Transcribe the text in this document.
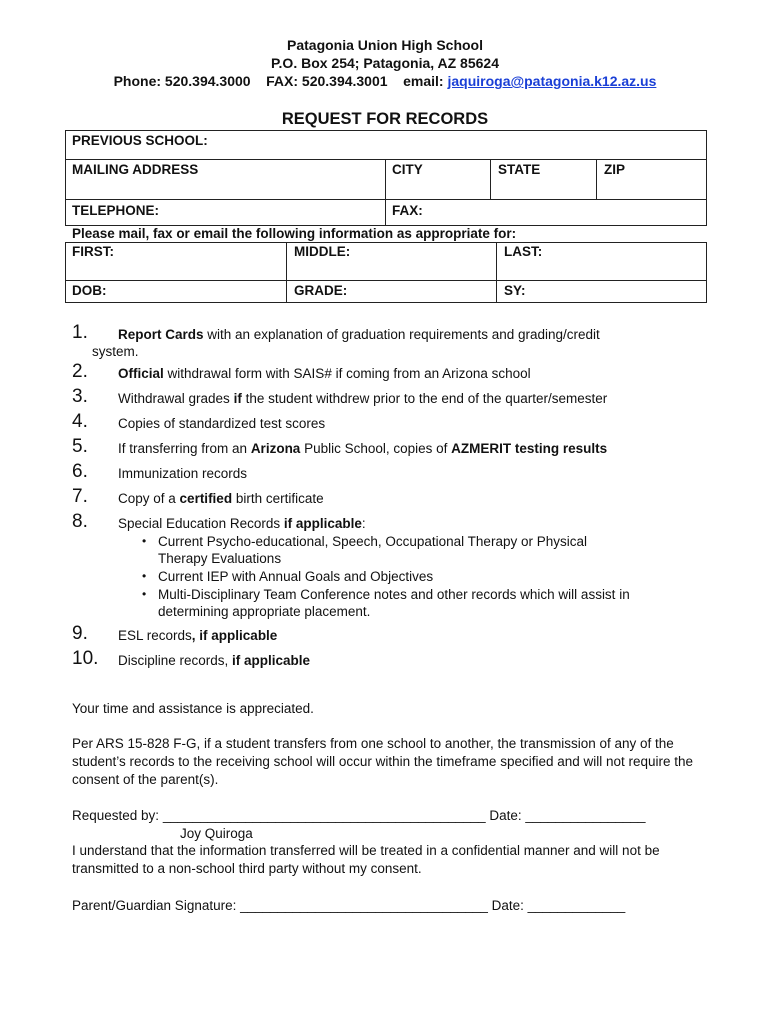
Patagonia Union High School
P.O. Box 254; Patagonia, AZ 85624
Phone: 520.394.3000 FAX: 520.394.3001 email: jaquiroga@patagonia.k12.az.us
REQUEST FOR RECORDS
PREVIOUS SCHOOL:
MAILING ADDRESS	CITY	STATE	ZIP
TELEPHONE:	FAX:
Please mail, fax or email the following information as appropriate for:
FIRST:	MIDDLE:	LAST:
DOB:	GRADE:	SY:
1.	Report Cards with an explanation of graduation requirements and grading/credit
system.
2.	Official withdrawal form with SAIS# if coming from an Arizona school
3.	Withdrawal grades if the student withdrew prior to the end of the quarter/semester
4.	Copies of standardized test scores
5.	If transferring from an Arizona Public School, copies of AZMERIT testing results
6.	Immunization records
7.	Copy of a certified birth certificate
8.	Special Education Records if applicable:
• Current Psycho-educational, Speech, Occupational Therapy or Physical
Therapy Evaluations
• Current IEP with Annual Goals and Objectives
• Multi-Disciplinary Team Conference notes and other records which will assist in
determining appropriate placement.
9.	ESL records, if applicable
10.	Discipline records, if applicable
Your time and assistance is appreciated.
Per ARS 15-828 F-G, if a student transfers from one school to another, the transmission of any of the student’s records to the receiving school will occur within the timeframe specified and will not require the consent of the parent(s).
Requested by: ___________________________________________ Date: ________________
Joy Quiroga
I understand that the information transferred will be treated in a confidential manner and will not be transmitted to a non-school third party without my consent.
Parent/Guardian Signature: _________________________________ Date: _____________
